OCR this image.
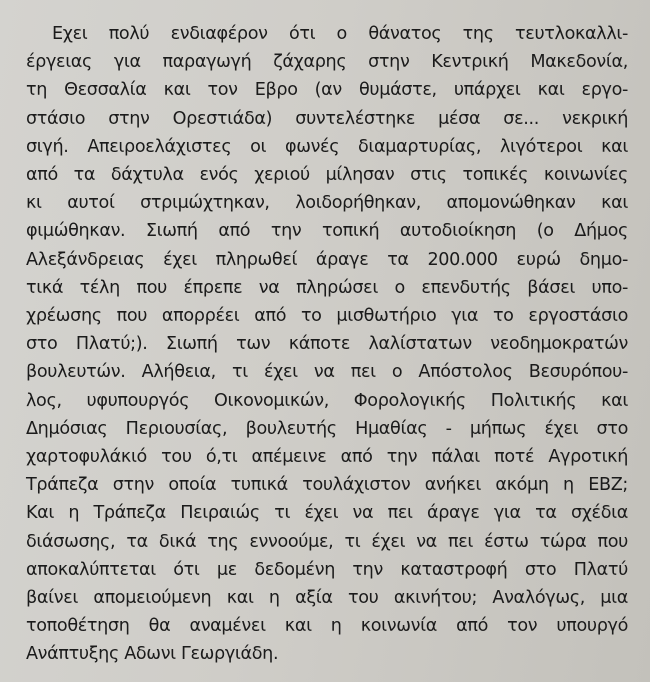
Εχει πολύ ενδιαφέρον ότι ο θάνατος της τευτλοκαλλι-
έργειας για παραγωγή ζάχαρης στην Κεντρική Μακεδονία,
τη Θεσσαλία και τον Εβρο (αν θυμάστε, υπάρχει και εργο-
στάσιο στην Ορεστιάδα) συντελέστηκε μέσα σε... νεκρική
σιγή. Απειροελάχιστες οι φωνές διαμαρτυρίας, λιγότεροι και
από τα δάχτυλα ενός χεριού μίλησαν στις τοπικές κοινωνίες
κι αυτοί στριμώχτηκαν, λοιδορήθηκαν, απομονώθηκαν και
φιμώθηκαν. Σιωπή από την τοπική αυτοδιοίκηση (ο Δήμος
Αλεξάνδρειας έχει πληρωθεί άραγε τα 200.000 ευρώ δημο-
τικά τέλη που έπρεπε να πληρώσει ο επενδυτής βάσει υπο-
χρέωσης που απορρέει από το μισθωτήριο για το εργοστάσιο
στο Πλατύ;). Σιωπή των κάποτε λαλίστατων νεοδημοκρατών
βουλευτών. Αλήθεια, τι έχει να πει ο Απόστολος Βεσυρόπου-
λος, υφυπουργός Οικονομικών, Φορολογικής Πολιτικής και
Δημόσιας Περιουσίας, βουλευτής Ημαθίας - μήπως έχει στο
χαρτοφυλάκιό του ό,τι απέμεινε από την πάλαι ποτέ Αγροτική
Τράπεζα στην οποία τυπικά τουλάχιστον ανήκει ακόμη η ΕΒΖ;
Και η Τράπεζα Πειραιώς τι έχει να πει άραγε για τα σχέδια
διάσωσης, τα δικά της εννοούμε, τι έχει να πει έστω τώρα που
αποκαλύπτεται ότι με δεδομένη την καταστροφή στο Πλατύ
βαίνει απομειούμενη και η αξία του ακινήτου; Αναλόγως, μια
τοποθέτηση θα αναμένει και η κοινωνία από τον υπουργό
Ανάπτυξης Αδωνι Γεωργιάδη.
